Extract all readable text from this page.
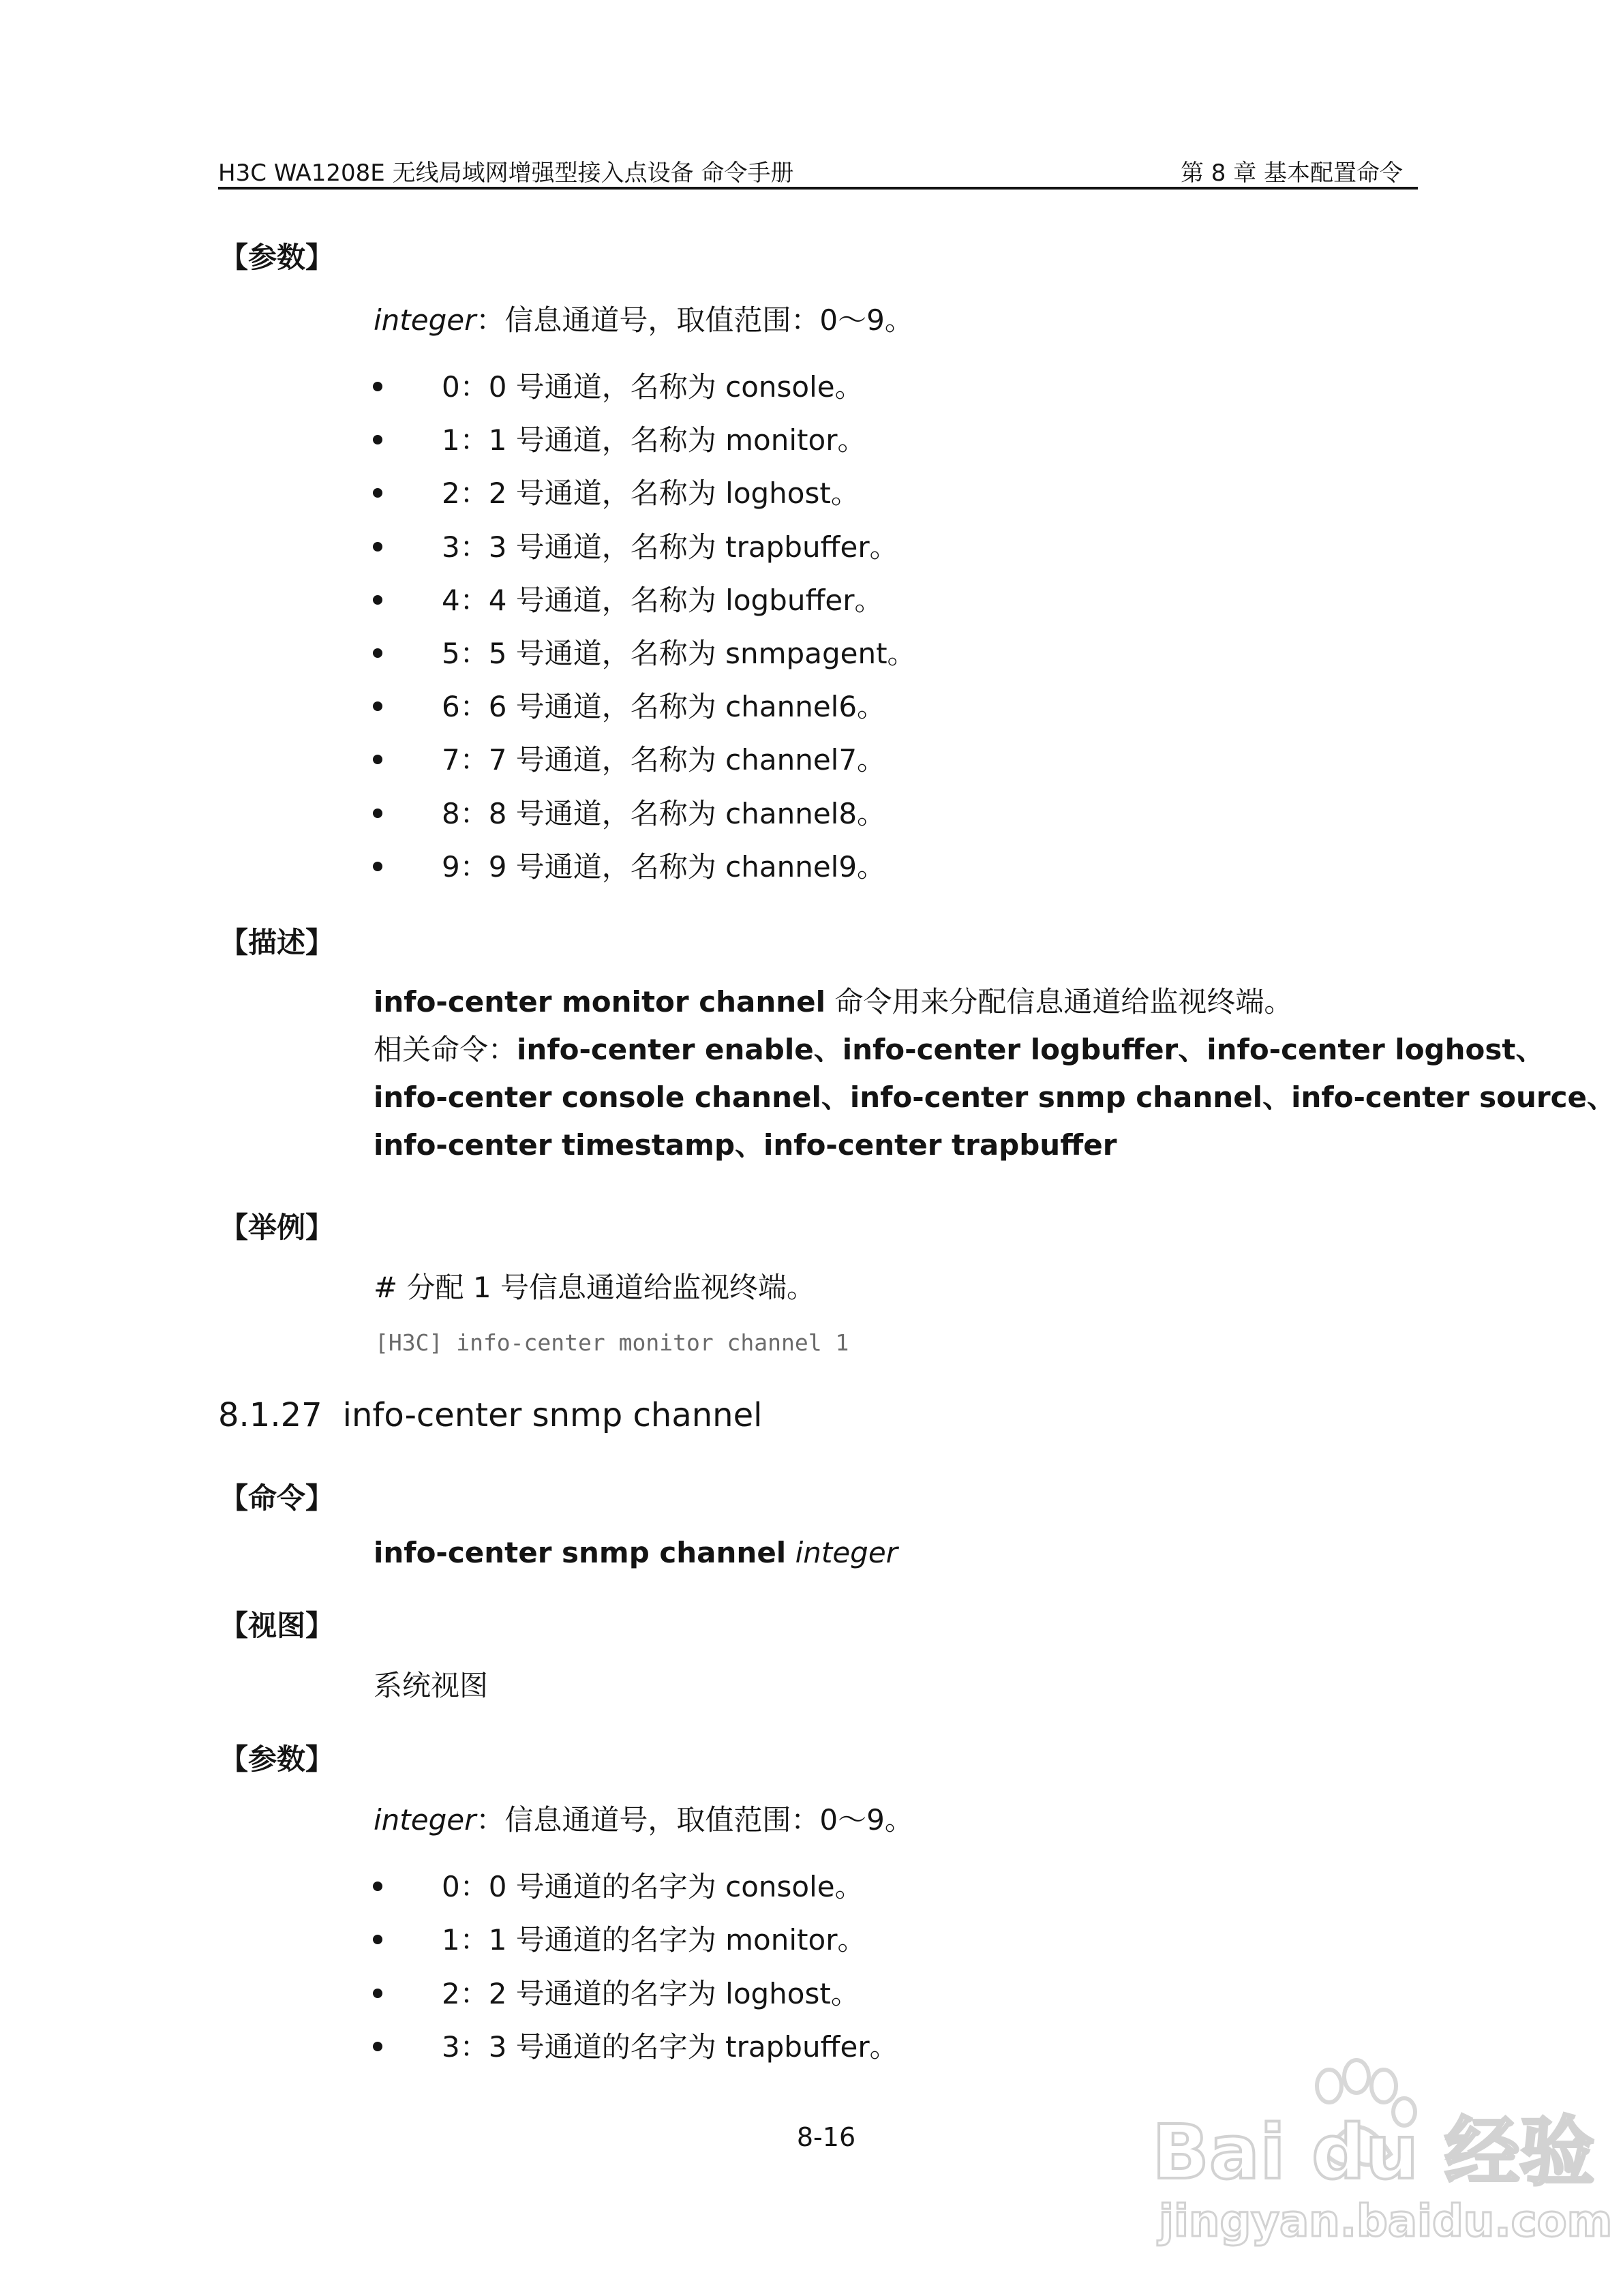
H3C WA1208E 无线局域网增强型接入点设备 命令手册	第 8 章 基本配置命令
【参数】
integer：信息通道号，取值范围：0～9。
0：0 号通道，名称为 console。
1：1 号通道，名称为 monitor。
2：2 号通道，名称为 loghost。
3：3 号通道，名称为 trapbuffer。
4：4 号通道，名称为 logbuffer。
5：5 号通道，名称为 snmpagent。
6：6 号通道，名称为 channel6。
7：7 号通道，名称为 channel7。
8：8 号通道，名称为 channel8。
9：9 号通道，名称为 channel9。
【描述】
info-center monitor channel 命令用来分配信息通道给监视终端。
相关命令：info-center enable、info-center logbuffer、info-center loghost、
info-center console channel、info-center snmp channel、info-center source、
info-center timestamp、info-center trapbuffer
【举例】
# 分配 1 号信息通道给监视终端。
[H3C] info-center monitor channel 1
8.1.27 info-center snmp channel
【命令】
info-center snmp channel integer
【视图】
系统视图
【参数】
integer：信息通道号，取值范围：0～9。
0：0 号通道的名字为 console。
1：1 号通道的名字为 monitor。
2：2 号通道的名字为 loghost。
3：3 号通道的名字为 trapbuffer。
8-16	Bai du 经验
jingyan.baidu.com
